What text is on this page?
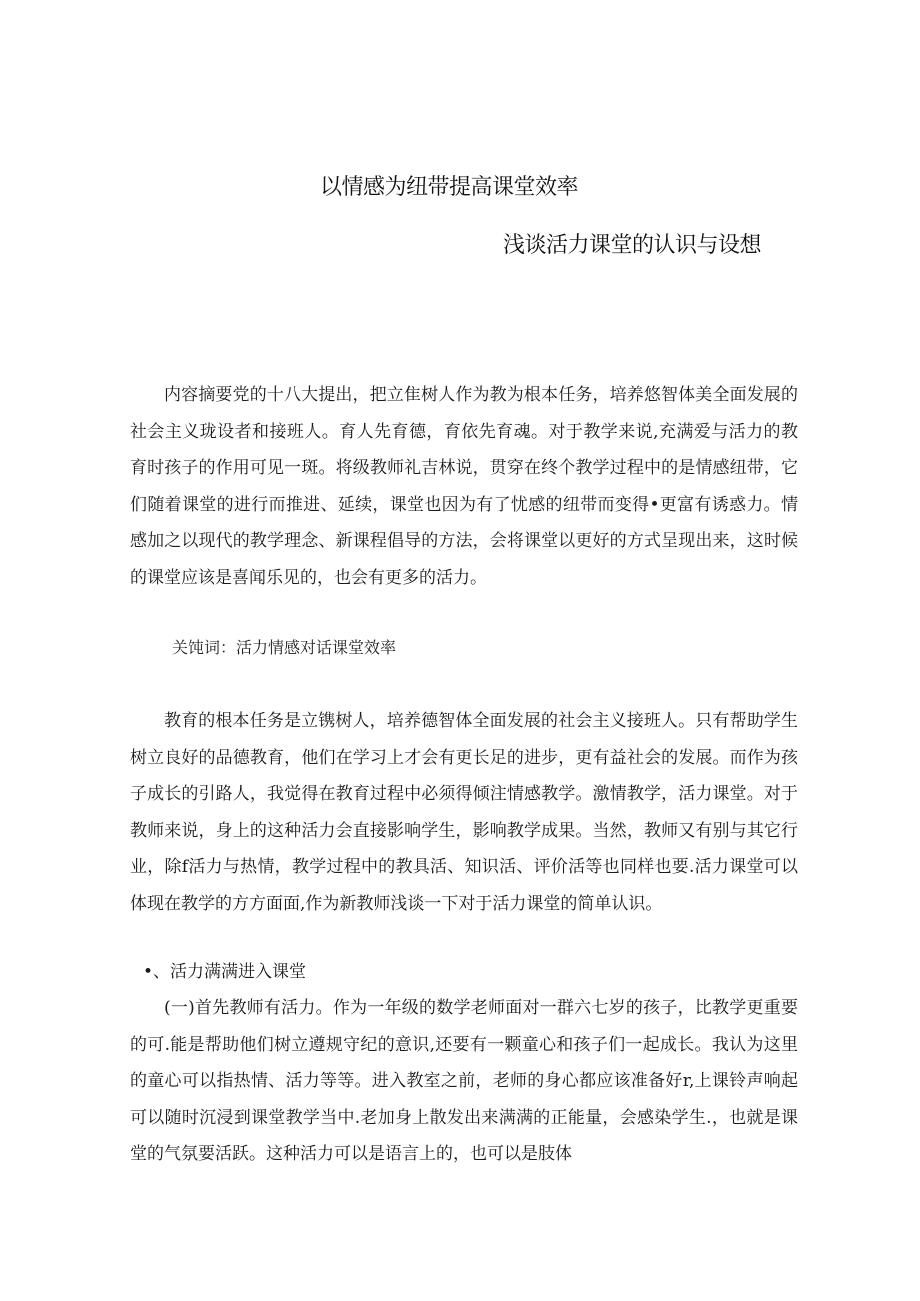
以情感为纽带提高课堂效率
浅谈活力课堂的认识与设想

内容摘要党的十八大提出，把立隹树人作为教为根本任务，培养悠智体美全面发展的社会主义珑设者和接班人。育人先育德，育依先育魂。对于教学来说,充满爱与活力的教育时孩子的作用可见一斑。将级教师礼吉林说，贯穿在终个教学过程中的是情感纽带，它们随着课堂的进行而推进、延续，课堂也因为有了忧感的纽带而变得•更富有诱惑力。情感加之以现代的教学理念、新课程倡导的方法，会将课堂以更好的方式呈现出来，这时候的课堂应该是喜闻乐见的，也会有更多的活力。

关饨词：活力情感对话课堂效率

教育的根本任务是立镌树人，培养德智体全面发展的社会主义接班人。只有帮助学生树立良好的品德教育，他们在学习上才会有更长足的进步，更有益社会的发展。而作为孩子成长的引路人，我觉得在教育过程中必须得倾注情感教学。激情教学，活力课堂。对于教师来说，身上的这种活力会直接影响学生，影响教学成果。当然，教师又有别与其它行业，除f活力与热情，教学过程中的教具活、知识活、评价活等也同样也要.活力课堂可以体现在教学的方方面面,作为新教师浅谈一下对于活力课堂的简单认识。

•、活力满满进入课堂

(一)首先教师有活力。作为一年级的数学老师面对一群六七岁的孩子，比教学更重要的可.能是帮助他们树立遵规守纪的意识,还要有一颗童心和孩子们一起成长。我认为这里的童心可以指热情、活力等等。进入教室之前，老师的身心都应该准备好r,上课铃声响起可以随时沉浸到课堂教学当中.老加身上散发出来满满的正能量，会感染学生.，也就是课堂的气氛要活跃。这种活力可以是语言上的，也可以是肢体
